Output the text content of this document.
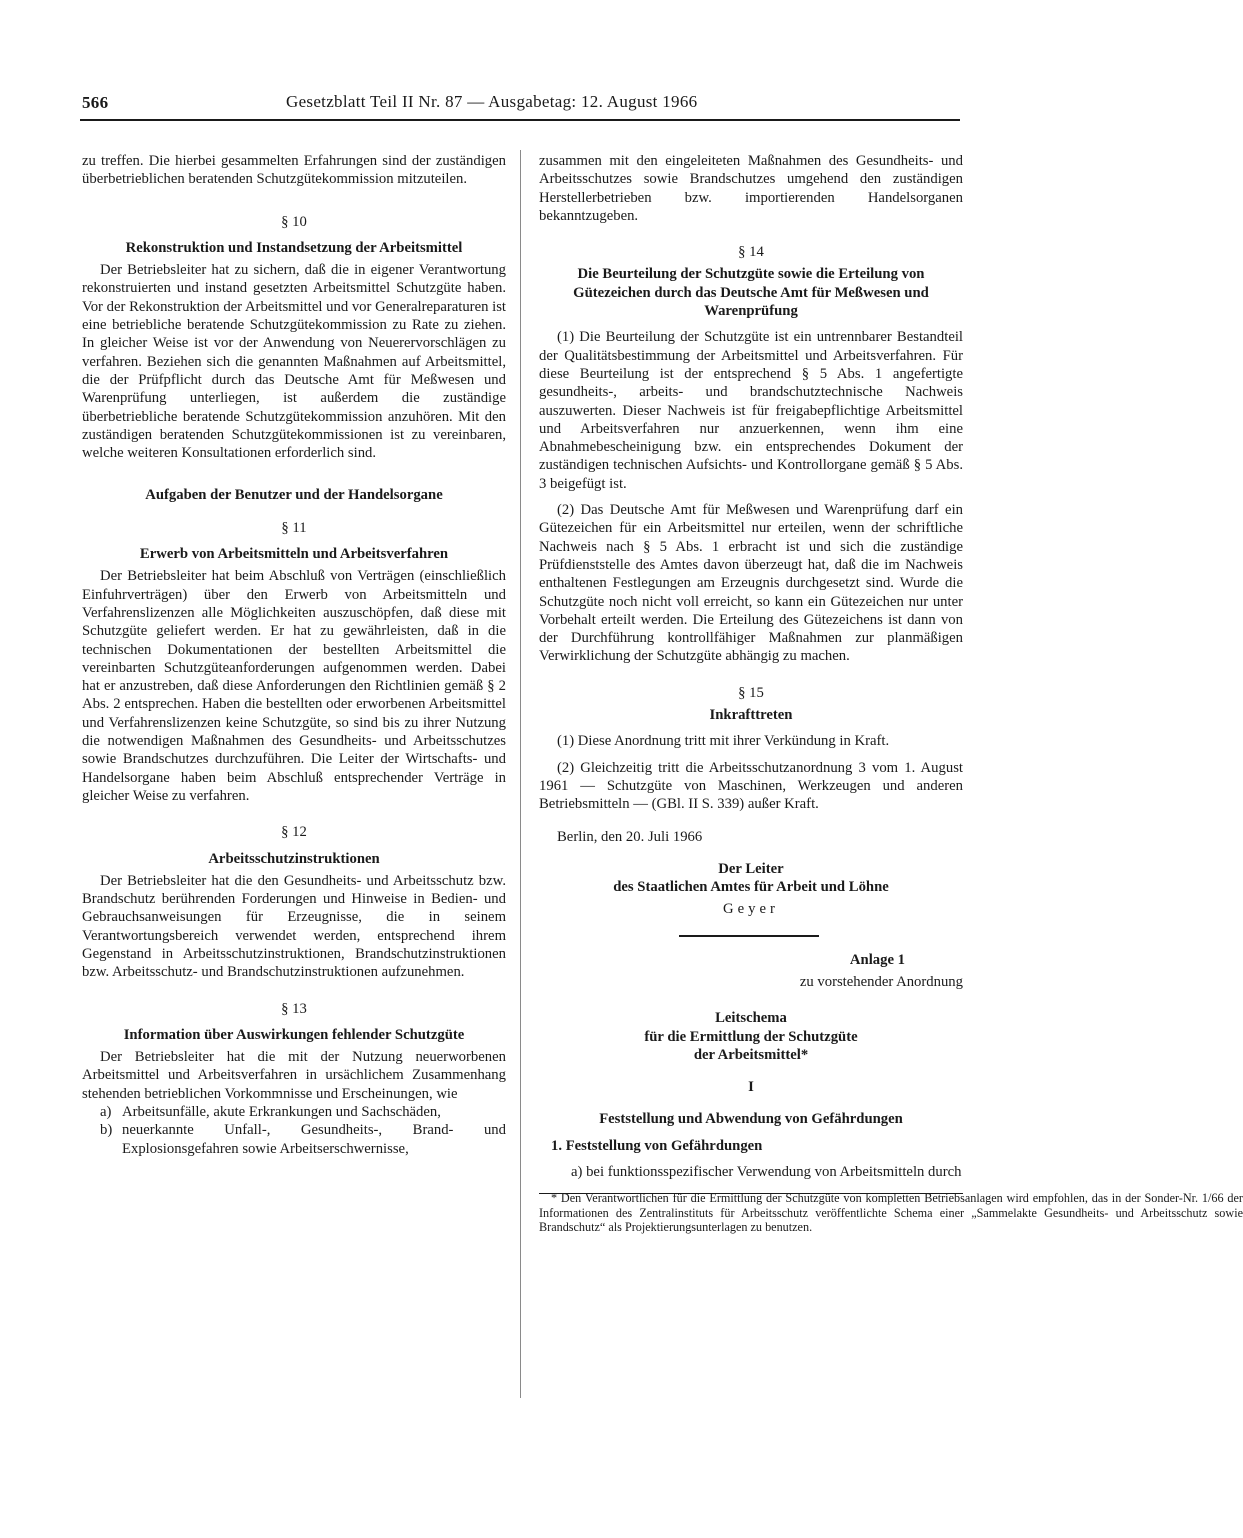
566	Gesetzblatt Teil II Nr. 87 — Ausgabetag: 12. August 1966

zu treffen. Die hierbei gesammelten Erfahrungen sind der zuständigen überbetrieblichen beratenden Schutzgütekommission mitzuteilen.

§ 10

Rekonstruktion und Instandsetzung der Arbeitsmittel

Der Betriebsleiter hat zu sichern, daß die in eigener Verantwortung rekonstruierten und instand gesetzten Arbeitsmittel Schutzgüte haben. Vor der Rekonstruktion der Arbeitsmittel und vor Generalreparaturen ist eine betriebliche beratende Schutzgütekommission zu Rate zu ziehen. In gleicher Weise ist vor der Anwendung von Neuerervorschlägen zu verfahren. Beziehen sich die genannten Maßnahmen auf Arbeitsmittel, die der Prüfpflicht durch das Deutsche Amt für Meßwesen und Warenprüfung unterliegen, ist außerdem die zuständige überbetriebliche beratende Schutzgütekommission anzuhören. Mit den zuständigen beratenden Schutzgütekommissionen ist zu vereinbaren, welche weiteren Konsultationen erforderlich sind.

Aufgaben der Benutzer und der Handelsorgane

§ 11

Erwerb von Arbeitsmitteln und Arbeitsverfahren

Der Betriebsleiter hat beim Abschluß von Verträgen (einschließlich Einfuhrverträgen) über den Erwerb von Arbeitsmitteln und Verfahrenslizenzen alle Möglichkeiten auszuschöpfen, daß diese mit Schutzgüte geliefert werden. Er hat zu gewährleisten, daß in die technischen Dokumentationen der bestellten Arbeitsmittel die vereinbarten Schutzgüteanforderungen aufgenommen werden. Dabei hat er anzustreben, daß diese Anforderungen den Richtlinien gemäß § 2 Abs. 2 entsprechen. Haben die bestellten oder erworbenen Arbeitsmittel und Verfahrenslizenzen keine Schutzgüte, so sind bis zu ihrer Nutzung die notwendigen Maßnahmen des Gesundheits- und Arbeitsschutzes sowie Brandschutzes durchzuführen. Die Leiter der Wirtschafts- und Handelsorgane haben beim Abschluß entsprechender Verträge in gleicher Weise zu verfahren.

§ 12

Arbeitsschutzinstruktionen

Der Betriebsleiter hat die den Gesundheits- und Arbeitsschutz bzw. Brandschutz berührenden Forderungen und Hinweise in Bedien- und Gebrauchsanweisungen für Erzeugnisse, die in seinem Verantwortungsbereich verwendet werden, entsprechend ihrem Gegenstand in Arbeitsschutzinstruktionen, Brandschutzinstruktionen bzw. Arbeitsschutz- und Brandschutzinstruktionen aufzunehmen.

§ 13

Information über Auswirkungen fehlender Schutzgüte

Der Betriebsleiter hat die mit der Nutzung neuerworbenen Arbeitsmittel und Arbeitsverfahren in ursächlichem Zusammenhang stehenden betrieblichen Vorkommnisse und Erscheinungen, wie

a) Arbeitsunfälle, akute Erkrankungen und Sachschäden,

b) neuerkannte Unfall-, Gesundheits-, Brand- und Explosionsgefahren sowie Arbeitserschwernisse,

zusammen mit den eingeleiteten Maßnahmen des Gesundheits- und Arbeitsschutzes sowie Brandschutzes umgehend den zuständigen Herstellerbetrieben bzw. importierenden Handelsorganen bekanntzugeben.

§ 14

Die Beurteilung der Schutzgüte sowie die Erteilung von Gütezeichen durch das Deutsche Amt für Meßwesen und Warenprüfung

(1) Die Beurteilung der Schutzgüte ist ein untrennbarer Bestandteil der Qualitätsbestimmung der Arbeitsmittel und Arbeitsverfahren. Für diese Beurteilung ist der entsprechend § 5 Abs. 1 angefertigte gesundheits-, arbeits- und brandschutztechnische Nachweis auszuwerten. Dieser Nachweis ist für freigabepflichtige Arbeitsmittel und Arbeitsverfahren nur anzuerkennen, wenn ihm eine Abnahmebescheinigung bzw. ein entsprechendes Dokument der zuständigen technischen Aufsichts- und Kontrollorgane gemäß § 5 Abs. 3 beigefügt ist.

(2) Das Deutsche Amt für Meßwesen und Warenprüfung darf ein Gütezeichen für ein Arbeitsmittel nur erteilen, wenn der schriftliche Nachweis nach § 5 Abs. 1 erbracht ist und sich die zuständige Prüfdienststelle des Amtes davon überzeugt hat, daß die im Nachweis enthaltenen Festlegungen am Erzeugnis durchgesetzt sind. Wurde die Schutzgüte noch nicht voll erreicht, so kann ein Gütezeichen nur unter Vorbehalt erteilt werden. Die Erteilung des Gütezeichens ist dann von der Durchführung kontrollfähiger Maßnahmen zur planmäßigen Verwirklichung der Schutzgüte abhängig zu machen.

§ 15

Inkrafttreten

(1) Diese Anordnung tritt mit ihrer Verkündung in Kraft.

(2) Gleichzeitig tritt die Arbeitsschutzanordnung 3 vom 1. August 1961 — Schutzgüte von Maschinen, Werkzeugen und anderen Betriebsmitteln — (GBl. II S. 339) außer Kraft.

Berlin, den 20. Juli 1966

Der Leiter

des Staatlichen Amtes für Arbeit und Löhne

Geyer

Anlage 1

zu vorstehender Anordnung

Leitschema

für die Ermittlung der Schutzgüte

der Arbeitsmittel*

I

Feststellung und Abwendung von Gefährdungen

1. Feststellung von Gefährdungen

a) bei funktionsspezifischer Verwendung von Arbeitsmitteln durch

* Den Verantwortlichen für die Ermittlung der Schutzgüte von kompletten Betriebsanlagen wird empfohlen, das in der Sonder-Nr. 1/66 der Informationen des Zentralinstituts für Arbeitsschutz veröffentlichte Schema einer „Sammelakte Gesundheits- und Arbeitsschutz sowie Brandschutz“ als Projektierungsunterlagen zu benutzen.
